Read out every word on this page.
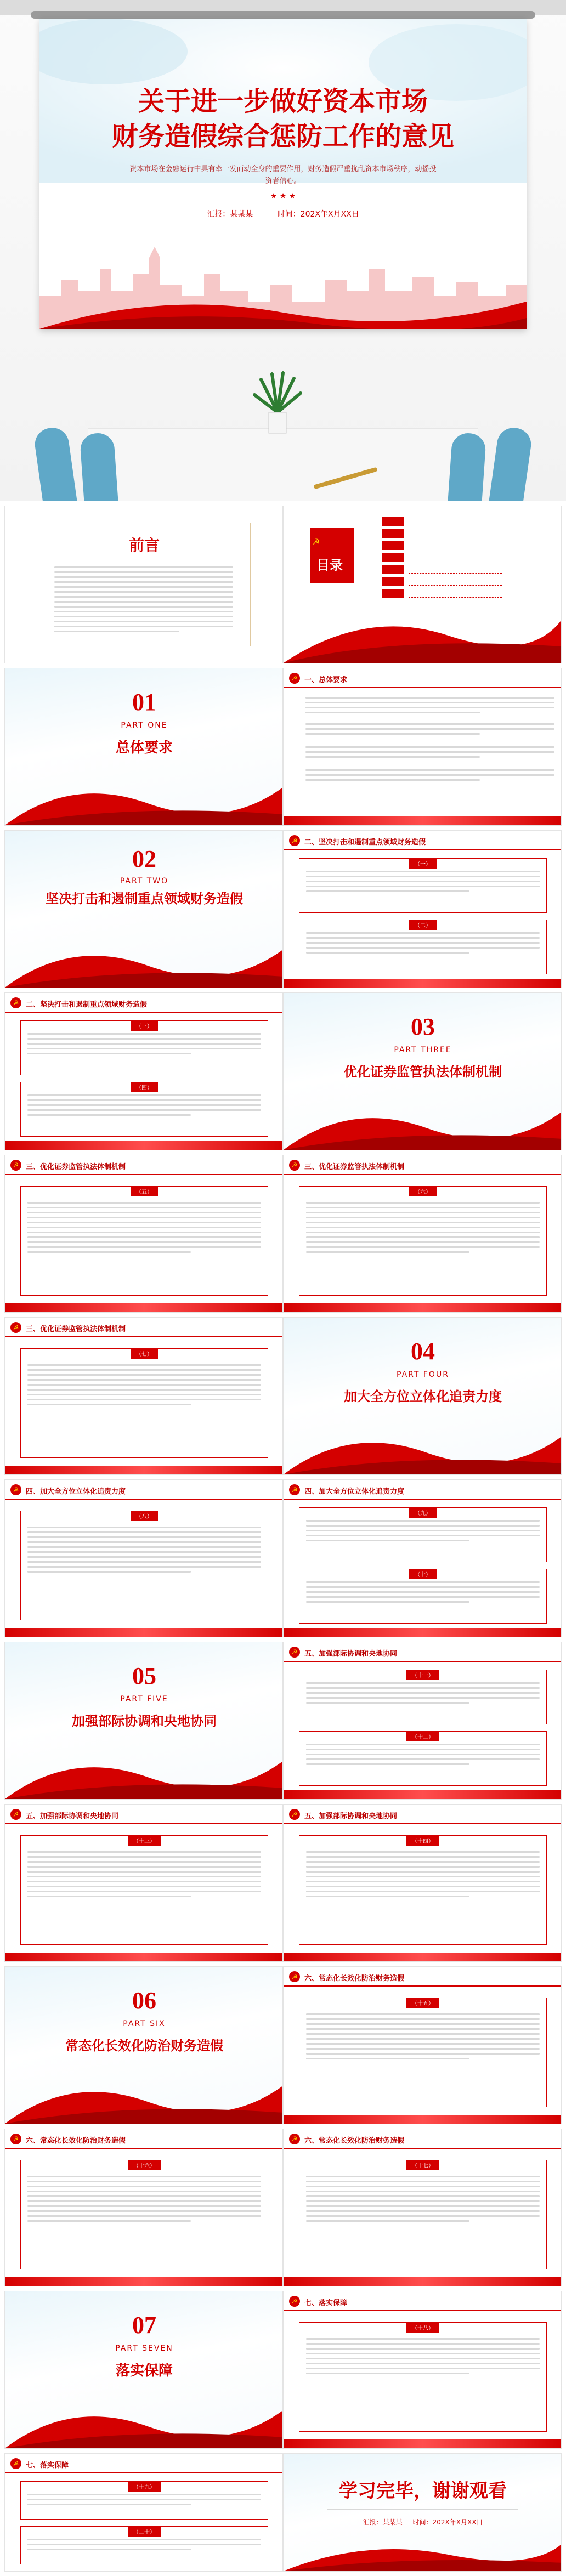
关于进一步做好资本市场
财务造假综合惩防工作的意见
资本市场在金融运行中具有牵一发而动全身的重要作用，财务造假严重扰乱资本市场秩序，动摇投资者信心。
★ ★ ★
汇报：某某某	时间：202X年X月XX日
前言	☭
目录
01
PART ONE
总体要求
☭ 一、总体要求
02
PART TWO
坚决打击和遏制重点领域财务造假
☭ 二、坚决打击和遏制重点领域财务造假
（一）
（二）
☭ 二、坚决打击和遏制重点领域财务造假
（三）
（四）
03
PART THREE
优化证券监管执法体制机制
☭ 三、优化证券监管执法体制机制
（五）
☭ 三、优化证券监管执法体制机制
（六）
☭ 三、优化证券监管执法体制机制
（七）	04
PART FOUR
加大全方位立体化追责力度
☭ 四、加大全方位立体化追责力度
（八）
☭ 四、加大全方位立体化追责力度
（九）
（十）
05
PART FIVE
加强部际协调和央地协同
☭ 五、加强部际协调和央地协同
（十一）
（十二）
☭ 五、加强部际协调和央地协同
（十三）
☭ 五、加强部际协调和央地协同
（十四）
06
PART SIX
常态化长效化防治财务造假
☭ 六、常态化长效化防治财务造假
（十五）
☭ 六、常态化长效化防治财务造假
（十六）
☭ 六、常态化长效化防治财务造假
（十七）
07
PART SEVEN
落实保障
☭ 七、落实保障
（十八）
☭ 七、落实保障
（十九）
（二十）
学习完毕，谢谢观看
汇报：某某某 时间：202X年X月XX日
